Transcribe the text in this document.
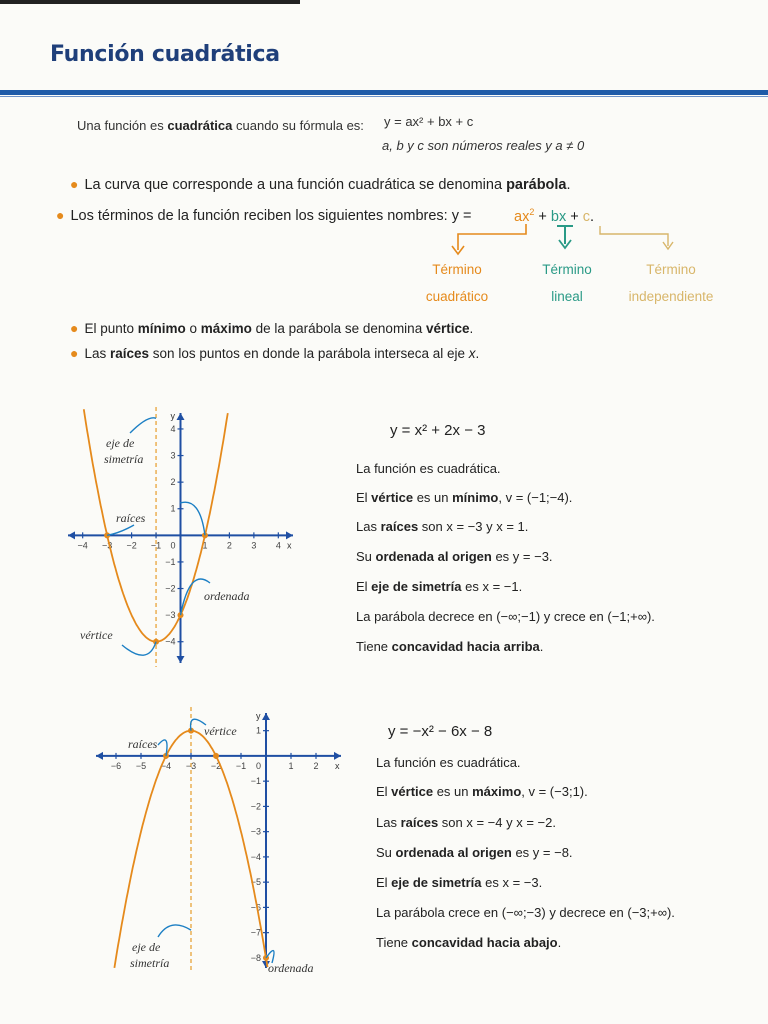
Función cuadrática
Una función es cuadrática cuando su fórmula es: y = ax² + bx + c
a, b y c son números reales y a ≠ 0
● La curva que corresponde a una función cuadrática se denomina parábola.
● Los términos de la función reciben los siguientes nombres: y =	$ax^2$ + bx + c.
Término
cuadrático
Término
lineal
Término
independiente
● El punto mínimo o máximo de la parábola se denomina vértice.
● Las raíces son los puntos en donde la parábola interseca al eje x.
x
y
−4 −3 −2 −1	1 2 3 4
−4
−3
−2
−1
1
2
3
4
0
eje de
simetría
raíces
ordenada
vértice
y = x² + 2x − 3
La función es cuadrática.
El vértice es un mínimo, v = (−1;−4).
Las raíces son x = −3 y x = 1.
Su ordenada al origen es y = −3.
El eje de simetría es x = −1.
La parábola decrece en (−∞;−1) y crece en (−1;+∞).
Tiene concavidad hacia arriba.
x
y
−6 −5 −4 −3 −2 −1	1 2
1
−1
−2
−3
−4
−5
−6
−7
−8
0
raíces
vértice
eje de
simetría	ordenada
y = −x² − 6x − 8
La función es cuadrática.
El vértice es un máximo, v = (−3;1).
Las raíces son x = −4 y x = −2.
Su ordenada al origen es y = −8.
El eje de simetría es x = −3.
La parábola crece en (−∞;−3) y decrece en (−3;+∞).
Tiene concavidad hacia abajo.
